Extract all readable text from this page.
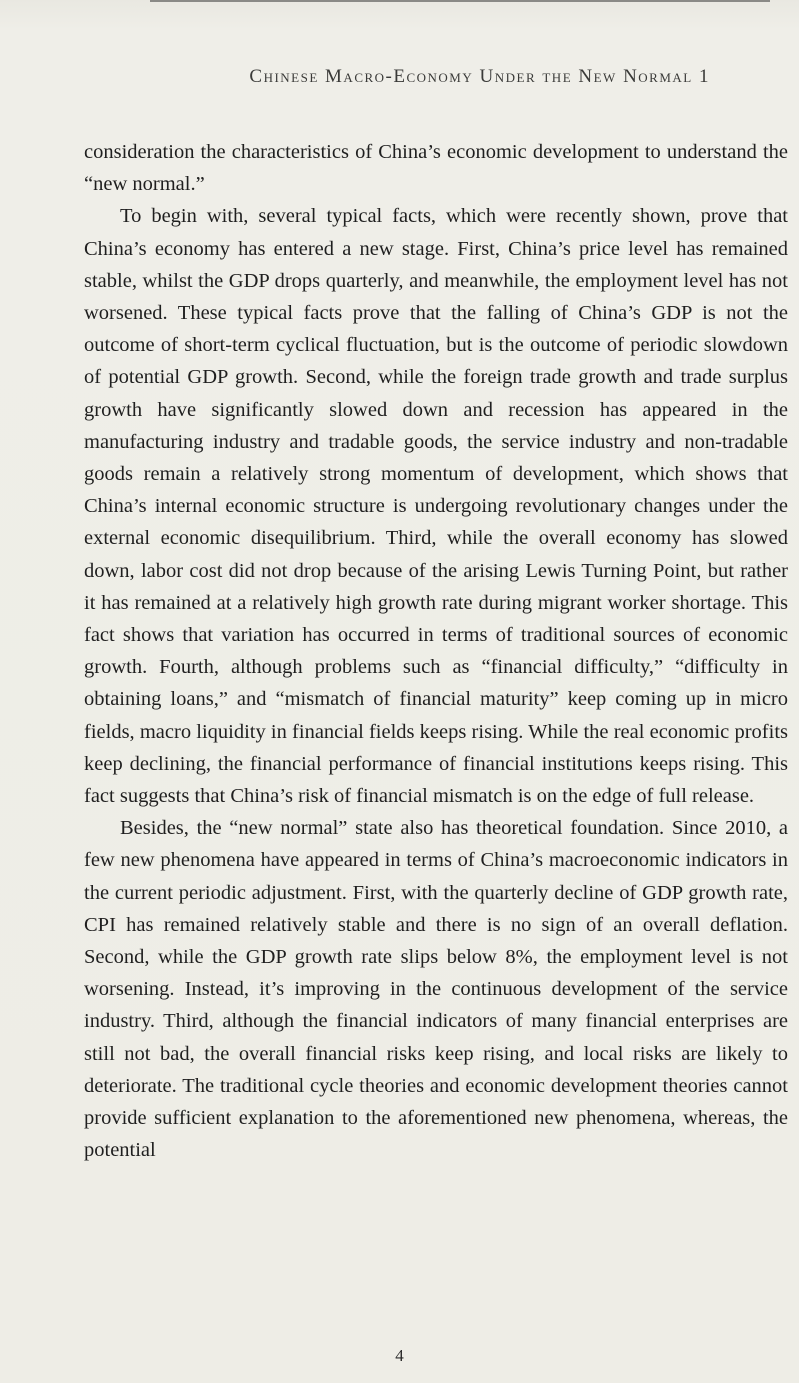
Chinese Macro-Economy Under the New Normal 1

consideration the characteristics of China’s economic development to understand the “new normal.”

To begin with, several typical facts, which were recently shown, prove that China’s economy has entered a new stage. First, China’s price level has remained stable, whilst the GDP drops quarterly, and meanwhile, the employment level has not worsened. These typical facts prove that the falling of China’s GDP is not the outcome of short-term cyclical fluctuation, but is the outcome of periodic slowdown of potential GDP growth. Second, while the foreign trade growth and trade surplus growth have significantly slowed down and recession has appeared in the manufacturing industry and tradable goods, the service industry and non-tradable goods remain a relatively strong momentum of development, which shows that China’s internal economic structure is undergoing revolutionary changes under the external economic disequilibrium. Third, while the overall economy has slowed down, labor cost did not drop because of the arising Lewis Turning Point, but rather it has remained at a relatively high growth rate during migrant worker shortage. This fact shows that variation has occurred in terms of traditional sources of economic growth. Fourth, although problems such as “financial difficulty,” “difficulty in obtaining loans,” and “mismatch of financial maturity” keep coming up in micro fields, macro liquidity in financial fields keeps rising. While the real economic profits keep declining, the financial performance of financial institutions keeps rising. This fact suggests that China’s risk of financial mismatch is on the edge of full release.

Besides, the “new normal” state also has theoretical foundation. Since 2010, a few new phenomena have appeared in terms of China’s macroeconomic indicators in the current periodic adjustment. First, with the quarterly decline of GDP growth rate, CPI has remained relatively stable and there is no sign of an overall deflation. Second, while the GDP growth rate slips below 8%, the employment level is not worsening. Instead, it’s improving in the continuous development of the service industry. Third, although the financial indicators of many financial enterprises are still not bad, the overall financial risks keep rising, and local risks are likely to deteriorate. The traditional cycle theories and economic development theories cannot provide sufficient explanation to the aforementioned new phenomena, whereas, the potential

4
